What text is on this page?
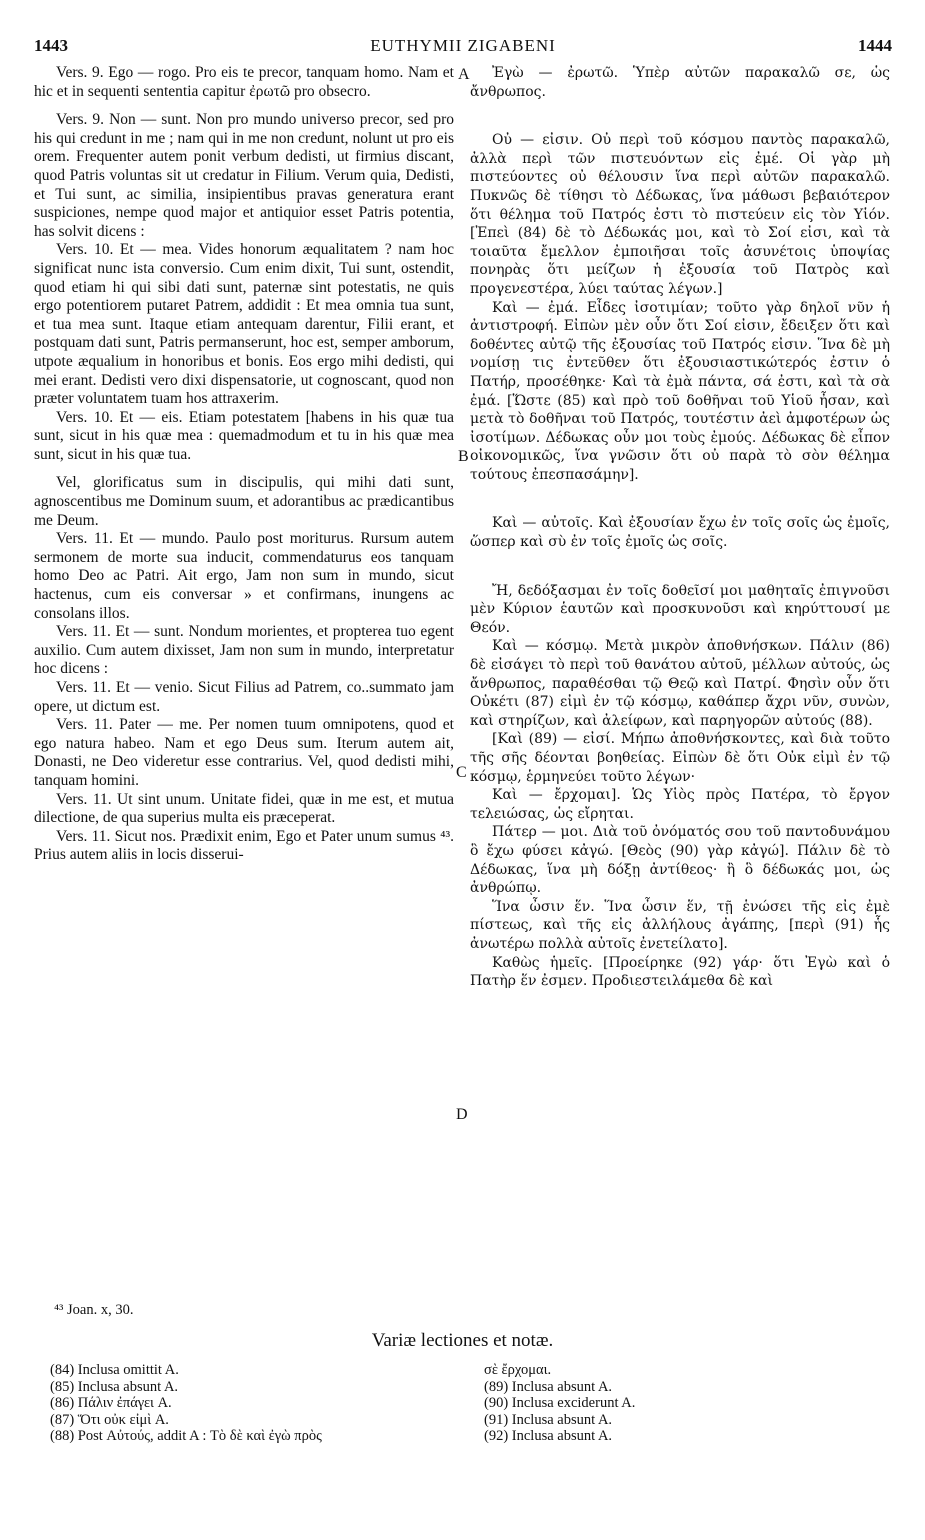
1443	EUTHYMII ZIGABENI	1444

Vers. 9. Ego — rogo. Pro eis te precor, tanquam homo. Nam et hic et in sequenti sententia capitur ἐρωτῶ pro obsecro.

Vers. 9. Non — sunt. Non pro mundo universo precor, sed pro his qui credunt in me ; nam qui in me non credunt, nolunt ut pro eis orem. Frequenter autem ponit verbum dedisti, ut firmius discant, quod Patris voluntas sit ut credatur in Filium. Verum quia, Dedisti, et Tui sunt, ac similia, insipientibus pravas generatura erant suspiciones, nempe quod major et antiquior esset Patris potentia, has solvit dicens :

Vers. 10. Et — mea. Vides honorum æqualitatem ? nam hoc significat nunc ista conversio. Cum enim dixit, Tui sunt, ostendit, quod etiam hi qui sibi dati sunt, paternæ sint potestatis, ne quis ergo potentiorem putaret Patrem, addidit : Et mea omnia tua sunt, et tua mea sunt. Itaque etiam antequam darentur, Filii erant, et postquam dati sunt, Patris permanserunt, hoc est, semper amborum, utpote æqualium in honoribus et bonis. Eos ergo mihi dedisti, qui mei erant. Dedisti vero dixi dispensatorie, ut cognoscant, quod non præter voluntatem tuam hos attraxerim.

Vers. 10. Et — eis. Etiam potestatem [habens in his quæ tua sunt, sicut in his quæ mea : quemadmodum et tu in his quæ mea sunt, sicut in his quæ tua.

Vel, glorificatus sum in discipulis, qui mihi dati sunt, agnoscentibus me Dominum suum, et adorantibus ac prædicantibus me Deum.

Vers. 11. Et — mundo. Paulo post moriturus. Rursum autem sermonem de morte sua inducit, commendaturus eos tanquam homo Deo ac Patri. Ait ergo, Jam non sum in mundo, sicut hactenus, cum eis conversar » et confirmans, inungens ac consolans illos.

Vers. 11. Et — sunt. Nondum morientes, et propterea tuo egent auxilio. Cum autem dixisset, Jam non sum in mundo, interpretatur hoc dicens :

Vers. 11. Et — venio. Sicut Filius ad Patrem, co..summato jam opere, ut dictum est.

Vers. 11. Pater — me. Per nomen tuum omnipotens, quod et ego natura habeo. Nam et ego Deus sum. Iterum autem ait, Donasti, ne Deo videretur esse contrarius. Vel, quod dedisti mihi, tanquam homini.

Vers. 11. Ut sint unum. Unitate fidei, quæ in me est, et mutua dilectione, de qua superius multa eis præceperat.

Vers. 11. Sicut nos. Prædixit enim, Ego et Pater unum sumus ⁴³. Prius autem aliis in locis disserui-

Ἐγὼ — ἐρωτῶ. Ὑπὲρ αὐτῶν παρακαλῶ σε, ὡς ἄνθρωπος.

Οὐ — εἰσιν. Οὐ περὶ τοῦ κόσμου παντὸς παρακαλῶ, ἀλλὰ περὶ τῶν πιστευόντων εἰς ἐμέ. Οἱ γὰρ μὴ πιστεύοντες οὐ θέλουσιν ἵνα περὶ αὐτῶν παρακαλῶ. Πυκνῶς δὲ τίθησι τὸ Δέδωκας, ἵνα μάθωσι βεβαιότερον ὅτι θέλημα τοῦ Πατρός ἐστι τὸ πιστεύειν εἰς τὸν Υἱόν. [Ἐπεὶ (84) δὲ τὸ Δέδωκάς μοι, καὶ τὸ Σοί εἰσι, καὶ τὰ τοιαῦτα ἔμελλον ἐμποιῆσαι τοῖς ἀσυνέτοις ὑποψίας πονηρὰς ὅτι μείζων ἡ ἐξουσία τοῦ Πατρὸς καὶ προγενεστέρα, λύει ταύτας λέγων.]

Καὶ — ἐμά. Εἶδες ἰσοτιμίαν; τοῦτο γὰρ δηλοῖ νῦν ἡ ἀντιστροφή. Εἰπὼν μὲν οὖν ὅτι Σοί εἰσιν, ἔδειξεν ὅτι καὶ δοθέντες αὐτῷ τῆς ἐξουσίας τοῦ Πατρός εἰσιν. Ἵνα δὲ μὴ νομίσῃ τις ἐντεῦθεν ὅτι ἐξουσιαστικώτερός ἐστιν ὁ Πατήρ, προσέθηκε· Καὶ τὰ ἐμὰ πάντα, σά ἐστι, καὶ τὰ σὰ ἐμά. [Ὥστε (85) καὶ πρὸ τοῦ δοθῆναι τοῦ Υἱοῦ ἦσαν, καὶ μετὰ τὸ δοθῆναι τοῦ Πατρός, τουτέστιν ἀεὶ ἀμφοτέρων ὡς ἰσοτίμων. Δέδωκας οὖν μοι τοὺς ἐμούς. Δέδωκας δὲ εἶπον οἰκονομικῶς, ἵνα γνῶσιν ὅτι οὐ παρὰ τὸ σὸν θέλημα τούτους ἐπεσπασάμην].

Καὶ — αὐτοῖς. Καὶ ἐξουσίαν ἔχω ἐν τοῖς σοῖς ὡς ἐμοῖς, ὥσπερ καὶ σὺ ἐν τοῖς ἐμοῖς ὡς σοῖς.

Ἤ, δεδόξασμαι ἐν τοῖς δοθεῖσί μοι μαθηταῖς ἐπιγνοῦσι μὲν Κύριον ἑαυτῶν καὶ προσκυνοῦσι καὶ κηρύττουσί με Θεόν.

Καὶ — κόσμῳ. Μετὰ μικρὸν ἀποθνήσκων. Πάλιν (86) δὲ εἰσάγει τὸ περὶ τοῦ θανάτου αὐτοῦ, μέλλων αὐτούς, ὡς ἄνθρωπος, παραθέσθαι τῷ Θεῷ καὶ Πατρί. Φησὶν οὖν ὅτι Οὐκέτι (87) εἰμὶ ἐν τῷ κόσμῳ, καθάπερ ἄχρι νῦν, συνὼν, καὶ στηρίζων, καὶ ἀλείφων, καὶ παρηγορῶν αὐτούς (88).

[Καὶ (89) — εἰσί. Μήπω ἀποθνήσκοντες, καὶ διὰ τοῦτο τῆς σῆς δέονται βοηθείας. Εἰπὼν δὲ ὅτι Οὐκ εἰμὶ ἐν τῷ κόσμῳ, ἑρμηνεύει τοῦτο λέγων·

Καὶ — ἔρχομαι]. Ὡς Υἱὸς πρὸς Πατέρα, τὸ ἔργον τελειώσας, ὡς εἴρηται.

Πάτερ — μοι. Διὰ τοῦ ὀνόματός σου τοῦ παντοδυνάμου ὃ ἔχω φύσει κἀγώ. [Θεὸς (90) γὰρ κἀγώ]. Πάλιν δὲ τὸ Δέδωκας, ἵνα μὴ δόξῃ ἀντίθεος· ἢ ὃ δέδωκάς μοι, ὡς ἀνθρώπῳ.

Ἵνα ὦσιν ἕν. Ἵνα ὦσιν ἕν, τῇ ἑνώσει τῆς εἰς ἐμὲ πίστεως, καὶ τῆς εἰς ἀλλήλους ἀγάπης, [περὶ (91) ἧς ἀνωτέρω πολλὰ αὐτοῖς ἐνετείλατο].

Καθὼς ἡμεῖς. [Προείρηκε (92) γάρ· ὅτι Ἐγὼ καὶ ὁ Πατὴρ ἕν ἐσμεν. Προδιεστειλάμεθα δὲ καὶ

A
B
C
D
⁴³ Joan. x, 30.
Variæ lectiones et notæ.
(84) Inclusa omittit A.
(85) Inclusa absunt A.
(86) Πάλιν ἐπάγει A.
(87) Ὅτι οὐκ εἰμὶ A.
(88) Post Αὐτούς, addit A : Τὸ δὲ καὶ ἐγὼ πρὸς
σὲ ἔρχομαι.
(89) Inclusa absunt A.
(90) Inclusa exciderunt A.
(91) Inclusa absunt A.
(92) Inclusa absunt A.
